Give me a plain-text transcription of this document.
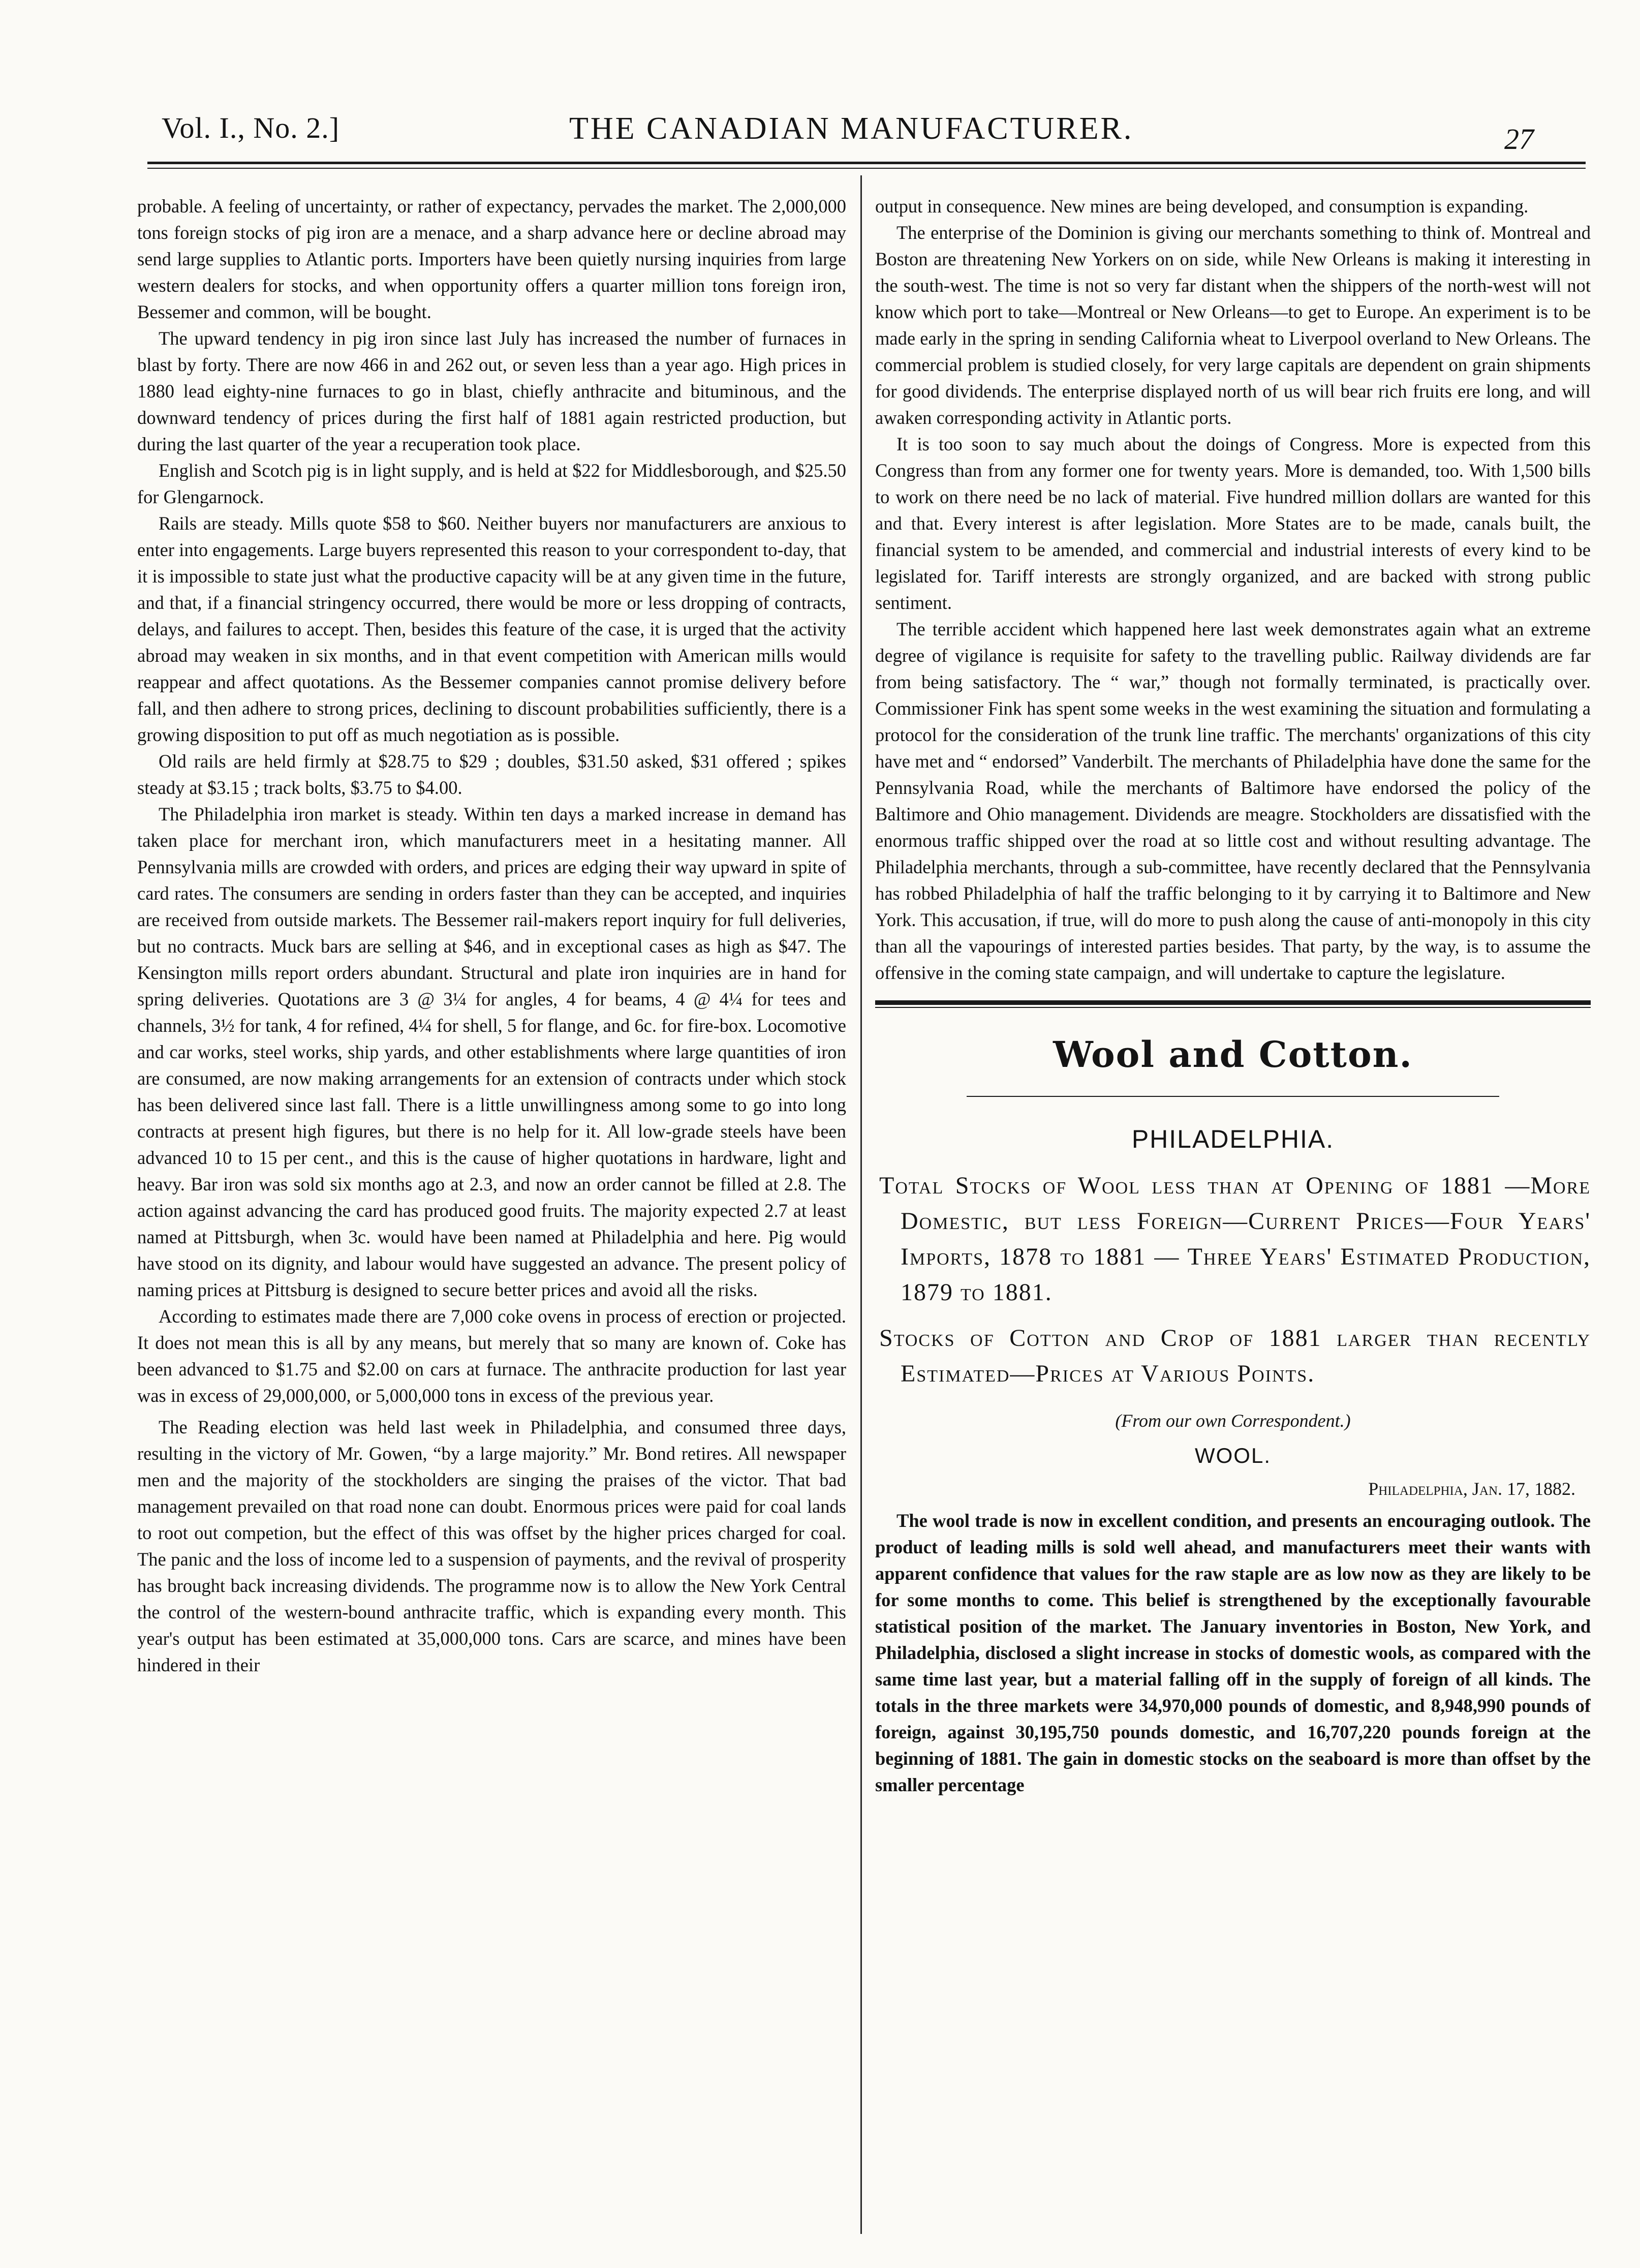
Vol. I., No. 2.]	THE CANADIAN MANUFACTURER.	27

probable. A feeling of uncertainty, or rather of expectancy, pervades the market. The 2,000,000 tons foreign stocks of pig iron are a menace, and a sharp advance here or decline abroad may send large supplies to Atlantic ports. Importers have been quietly nursing inquiries from large western dealers for stocks, and when opportunity offers a quarter million tons foreign iron, Bessemer and common, will be bought.

The upward tendency in pig iron since last July has increased the number of furnaces in blast by forty. There are now 466 in and 262 out, or seven less than a year ago. High prices in 1880 lead eighty-nine furnaces to go in blast, chiefly anthracite and bituminous, and the downward tendency of prices during the first half of 1881 again restricted production, but during the last quarter of the year a recuperation took place.

English and Scotch pig is in light supply, and is held at $22 for Middlesborough, and $25.50 for Glengarnock.

Rails are steady. Mills quote $58 to $60. Neither buyers nor manufacturers are anxious to enter into engagements. Large buyers represented this reason to your correspondent to-day, that it is impossible to state just what the productive capacity will be at any given time in the future, and that, if a financial stringency occurred, there would be more or less dropping of contracts, delays, and failures to accept. Then, besides this feature of the case, it is urged that the activity abroad may weaken in six months, and in that event competition with American mills would reappear and affect quotations. As the Bessemer companies cannot promise delivery before fall, and then adhere to strong prices, declining to discount probabilities sufficiently, there is a growing disposition to put off as much negotiation as is possible.

Old rails are held firmly at $28.75 to $29 ; doubles, $31.50 asked, $31 offered ; spikes steady at $3.15 ; track bolts, $3.75 to $4.00.

The Philadelphia iron market is steady. Within ten days a marked increase in demand has taken place for merchant iron, which manufacturers meet in a hesitating manner. All Pennsylvania mills are crowded with orders, and prices are edging their way upward in spite of card rates. The consumers are sending in orders faster than they can be accepted, and inquiries are received from outside markets. The Bessemer rail-makers report inquiry for full deliveries, but no contracts. Muck bars are selling at $46, and in exceptional cases as high as $47. The Kensington mills report orders abundant. Structural and plate iron inquiries are in hand for spring deliveries. Quotations are 3 @ 3¼ for angles, 4 for beams, 4 @ 4¼ for tees and channels, 3½ for tank, 4 for refined, 4¼ for shell, 5 for flange, and 6c. for fire-box. Locomotive and car works, steel works, ship yards, and other establishments where large quantities of iron are consumed, are now making arrangements for an extension of contracts under which stock has been delivered since last fall. There is a little unwillingness among some to go into long contracts at present high figures, but there is no help for it. All low-grade steels have been advanced 10 to 15 per cent., and this is the cause of higher quotations in hardware, light and heavy. Bar iron was sold six months ago at 2.3, and now an order cannot be filled at 2.8. The action against advancing the card has produced good fruits. The majority expected 2.7 at least named at Pittsburgh, when 3c. would have been named at Philadelphia and here. Pig would have stood on its dignity, and labour would have suggested an advance. The present policy of naming prices at Pittsburg is designed to secure better prices and avoid all the risks.

According to estimates made there are 7,000 coke ovens in process of erection or projected. It does not mean this is all by any means, but merely that so many are known of. Coke has been advanced to $1.75 and $2.00 on cars at furnace. The anthracite production for last year was in excess of 29,000,000, or 5,000,000 tons in excess of the previous year.

The Reading election was held last week in Philadelphia, and consumed three days, resulting in the victory of Mr. Gowen, “by a large majority.” Mr. Bond retires. All newspaper men and the majority of the stockholders are singing the praises of the victor. That bad management prevailed on that road none can doubt. Enormous prices were paid for coal lands to root out competion, but the effect of this was offset by the higher prices charged for coal. The panic and the loss of income led to a suspension of payments, and the revival of prosperity has brought back increasing dividends. The programme now is to allow the New York Central the control of the western-bound anthracite traffic, which is expanding every month. This year's output has been estimated at 35,000,000 tons. Cars are scarce, and mines have been hindered in their

output in consequence. New mines are being developed, and consumption is expanding.

The enterprise of the Dominion is giving our merchants something to think of. Montreal and Boston are threatening New Yorkers on on side, while New Orleans is making it interesting in the south-west. The time is not so very far distant when the shippers of the north-west will not know which port to take—Montreal or New Orleans—to get to Europe. An experiment is to be made early in the spring in sending California wheat to Liverpool overland to New Orleans. The commercial problem is studied closely, for very large capitals are dependent on grain shipments for good dividends. The enterprise displayed north of us will bear rich fruits ere long, and will awaken corresponding activity in Atlantic ports.

It is too soon to say much about the doings of Congress. More is expected from this Congress than from any former one for twenty years. More is demanded, too. With 1,500 bills to work on there need be no lack of material. Five hundred million dollars are wanted for this and that. Every interest is after legislation. More States are to be made, canals built, the financial system to be amended, and commercial and industrial interests of every kind to be legislated for. Tariff interests are strongly organized, and are backed with strong public sentiment.

The terrible accident which happened here last week demonstrates again what an extreme degree of vigilance is requisite for safety to the travelling public. Railway dividends are far from being satisfactory. The “ war,” though not formally terminated, is practically over. Commissioner Fink has spent some weeks in the west examining the situation and formulating a protocol for the consideration of the trunk line traffic. The merchants' organizations of this city have met and “ endorsed” Vanderbilt. The merchants of Philadelphia have done the same for the Pennsylvania Road, while the merchants of Baltimore have endorsed the policy of the Baltimore and Ohio management. Dividends are meagre. Stockholders are dissatisfied with the enormous traffic shipped over the road at so little cost and without resulting advantage. The Philadelphia merchants, through a sub-committee, have recently declared that the Pennsylvania has robbed Philadelphia of half the traffic belonging to it by carrying it to Baltimore and New York. This accusation, if true, will do more to push along the cause of anti-monopoly in this city than all the vapourings of interested parties besides. That party, by the way, is to assume the offensive in the coming state campaign, and will undertake to capture the legislature.

Wool and Cotton.
PHILADELPHIA.
Total Stocks of Wool less than at Opening of 1881 —More Domestic, but less Foreign—Current Prices—Four Years' Imports, 1878 to 1881 — Three Years' Estimated Production, 1879 to 1881.
Stocks of Cotton and Crop of 1881 larger than recently Estimated—Prices at Various Points.
(From our own Correspondent.)
WOOL.
Philadelphia, Jan. 17, 1882.

The wool trade is now in excellent condition, and presents an encouraging outlook. The product of leading mills is sold well ahead, and manufacturers meet their wants with apparent confidence that values for the raw staple are as low now as they are likely to be for some months to come. This belief is strengthened by the exceptionally favourable statistical position of the market. The January inventories in Boston, New York, and Philadelphia, disclosed a slight increase in stocks of domestic wools, as compared with the same time last year, but a material falling off in the supply of foreign of all kinds. The totals in the three markets were 34,970,000 pounds of domestic, and 8,948,990 pounds of foreign, against 30,195,750 pounds domestic, and 16,707,220 pounds foreign at the beginning of 1881. The gain in domestic stocks on the seaboard is more than offset by the smaller percentage
